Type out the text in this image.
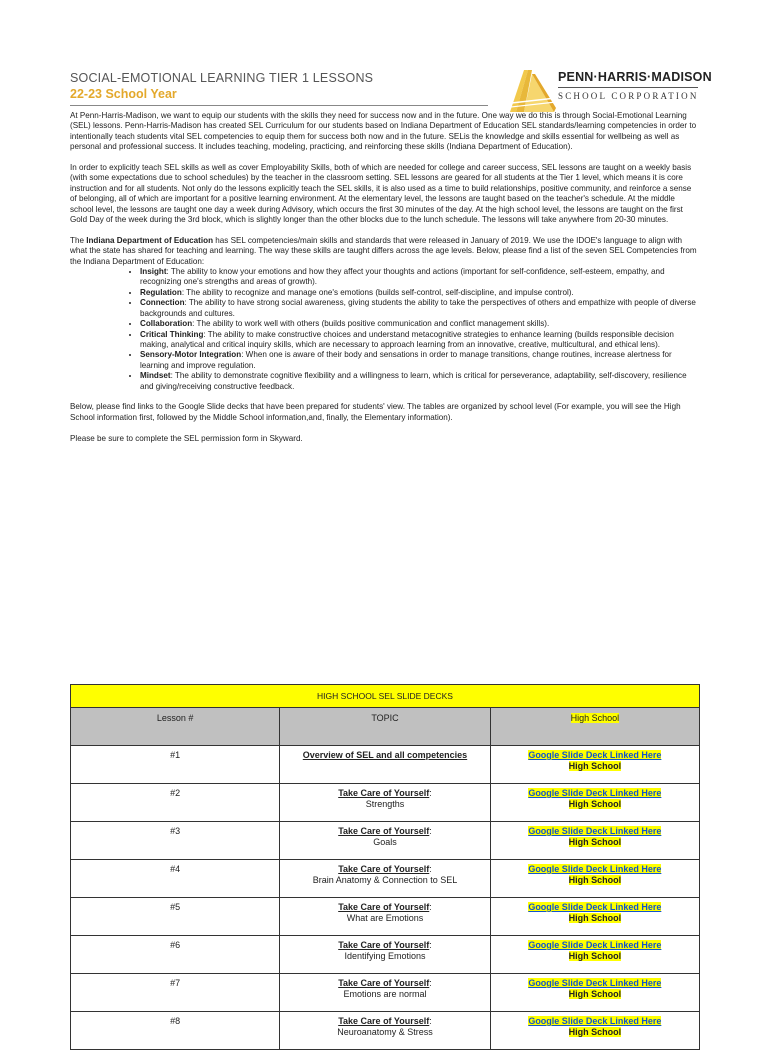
SOCIAL-EMOTIONAL LEARNING TIER 1 LESSONS
22-23 School Year
PENN·HARRIS·MADISON
SCHOOL CORPORATION

At Penn-Harris-Madison, we want to equip our students with the skills they need for success now and in the future. One way we do this is through Social-Emotional Learning (SEL) lessons. Penn-Harris-Madison has created SEL Curriculum for our students based on Indiana Department of Education SEL standards/learning competencies in order to intentionally teach students vital SEL competencies to equip them for success both now and in the future. SELis the knowledge and skills essential for wellbeing as well as personal and professional success. It includes teaching, modeling, practicing, and reinforcing these skills (Indiana Department of Education).

In order to explicitly teach SEL skills as well as cover Employability Skills, both of which are needed for college and career success, SEL lessons are taught on a weekly basis (with some expectations due to school schedules) by the teacher in the classroom setting. SEL lessons are geared for all students at the Tier 1 level, which means it is core instruction and for all students. Not only do the lessons explicitly teach the SEL skills, it is also used as a time to build relationships, positive community, and reinforce a sense of belonging, all of which are important for a positive learning environment. At the elementary level, the lessons are taught based on the teacher's schedule. At the middle school level, the lessons are taught one day a week during Advisory, which occurs the first 30 minutes of the day. At the high school level, the lessons are taught on the first Gold Day of the week during the 3rd block, which is slightly longer than the other blocks due to the lunch schedule. The lessons will take anywhere from 20-30 minutes.

The Indiana Department of Education has SEL competencies/main skills and standards that were released in January of 2019. We use the IDOE's language to align with what the state has shared for teaching and learning. The way these skills are taught differs across the age levels. Below, please find a list of the seven SEL Competencies from the Indiana Department of Education:

• Insight: The ability to know your emotions and how they affect your thoughts and actions (important for self-confidence, self-esteem, empathy, and recognizing one's strengths and areas of growth).
• Regulation: The ability to recognize and manage one's emotions (builds self-control, self-discipline, and impulse control).
• Connection: The ability to have strong social awareness, giving students the ability to take the perspectives of others and empathize with people of diverse backgrounds and cultures.
• Collaboration: The ability to work well with others (builds positive communication and conflict management skills).
• Critical Thinking: The ability to make constructive choices and understand metacognitive strategies to enhance learning (builds responsible decision making, analytical and critical inquiry skills, which are necessary to approach learning from an innovative, creative, multicultural, and ethical lens).
• Sensory-Motor Integration: When one is aware of their body and sensations in order to manage transitions, change routines, increase alertness for learning and improve regulation.
• Mindset: The ability to demonstrate cognitive flexibility and a willingness to learn, which is critical for perseverance, adaptability, self-discovery, resilience and giving/receiving constructive feedback.

Below, please find links to the Google Slide decks that have been prepared for students' view. The tables are organized by school level (For example, you will see the High School information first, followed by the Middle School information,and, finally, the Elementary information).

Please be sure to complete the SEL permission form in Skyward.

HIGH SCHOOL SEL SLIDE DECKS		
Lesson #	TOPIC	High School
#1	Overview of SEL and all competencies	Google Slide Deck Linked Here
High School
#2	Take Care of Yourself:
Strengths	Google Slide Deck Linked Here
High School
#3	Take Care of Yourself:
Goals	Google Slide Deck Linked Here
High School
#4	Take Care of Yourself:
Brain Anatomy & Connection to SEL	Google Slide Deck Linked Here
High School
#5	Take Care of Yourself:
What are Emotions	Google Slide Deck Linked Here
High School
#6	Take Care of Yourself:
Identifying Emotions	Google Slide Deck Linked Here
High School
#7	Take Care of Yourself:
Emotions are normal	Google Slide Deck Linked Here
High School
#8	Take Care of Yourself:
Neuroanatomy & Stress	Google Slide Deck Linked Here
High School
